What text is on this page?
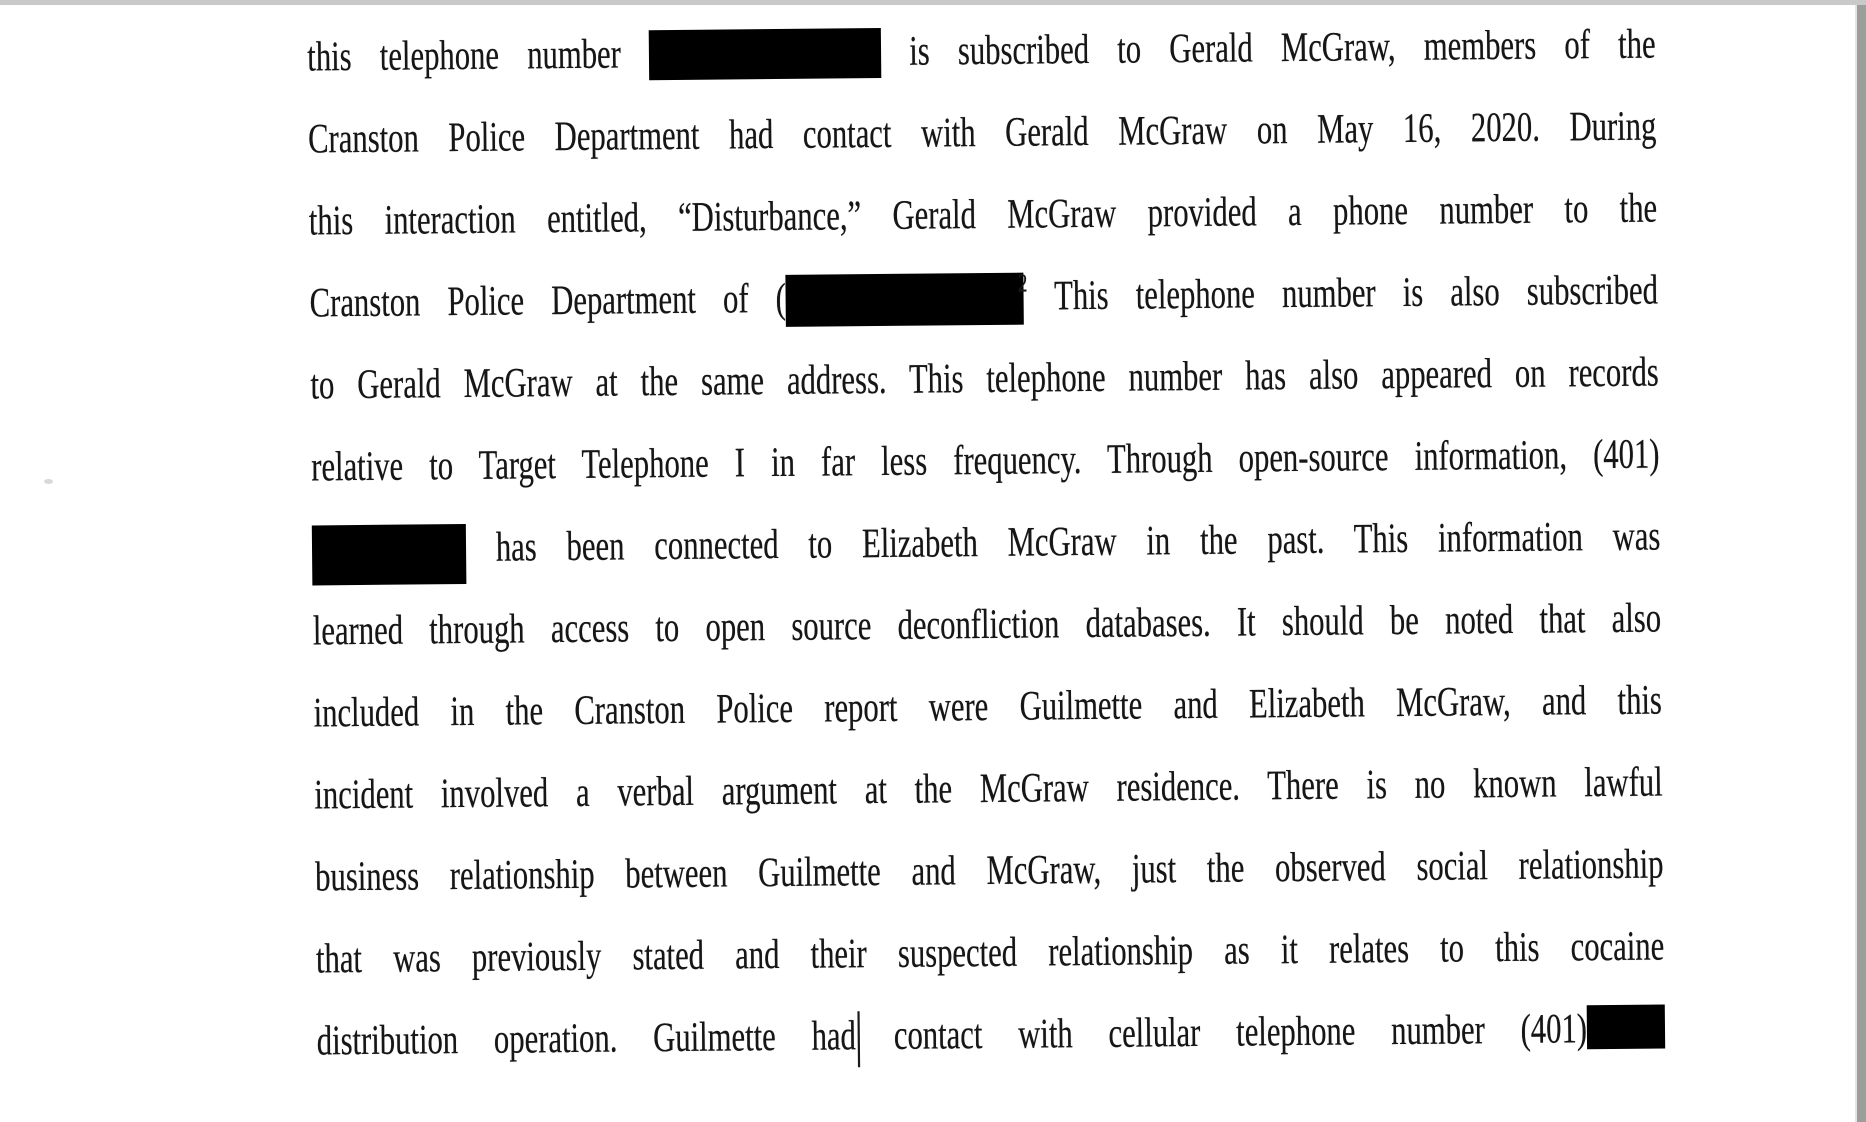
this telephone number	is subscribed to Gerald McGraw, members of the
Cranston Police Department had contact with Gerald McGraw on May 16, 2020. During
this interaction entitled, “Disturbance,” Gerald McGraw provided a phone number to the
Cranston Police Department of (	$^2$ This telephone number is also subscribed
to Gerald McGraw at the same address. This telephone number has also appeared on records
relative to Target Telephone I in far less frequency. Through open-source information, (401)
has been connected to Elizabeth McGraw in the past. This information was
learned through access to open source deconfliction databases. It should be noted that also
included in the Cranston Police report were Guilmette and Elizabeth McGraw, and this
incident involved a verbal argument at the McGraw residence. There is no known lawful
business relationship between Guilmette and McGraw, just the observed social relationship
that was previously stated and their suspected relationship as it relates to this cocaine
distribution operation. Guilmette had contact with cellular telephone number (401)
